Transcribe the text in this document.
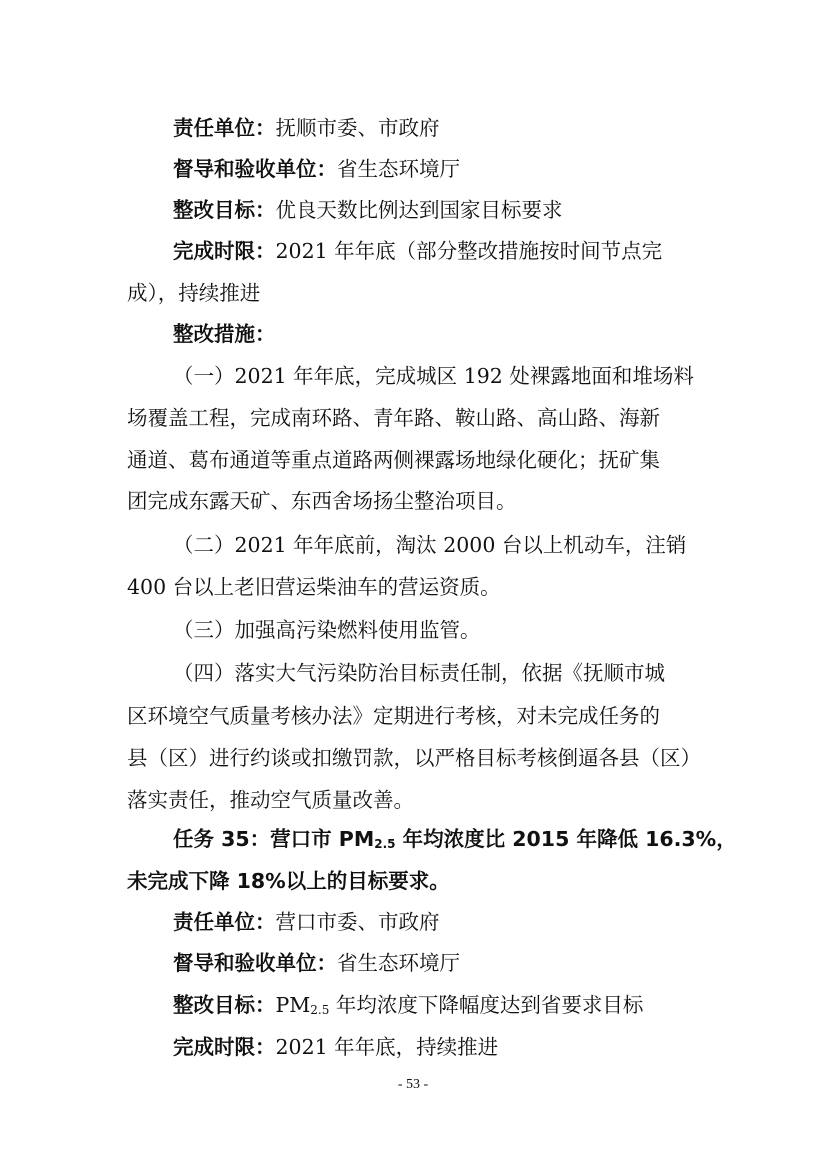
责任单位：抚顺市委、市政府
督导和验收单位：省生态环境厅
整改目标：优良天数比例达到国家目标要求
完成时限：2021 年年底（部分整改措施按时间节点完
成），持续推进
整改措施：
（一）2021 年年底，完成城区 192 处裸露地面和堆场料
场覆盖工程，完成南环路、青年路、鞍山路、高山路、海新
通道、葛布通道等重点道路两侧裸露场地绿化硬化；抚矿集
团完成东露天矿、东西舍场扬尘整治项目。
（二）2021 年年底前，淘汰 2000 台以上机动车，注销
400 台以上老旧营运柴油车的营运资质。
（三）加强高污染燃料使用监管。
（四）落实大气污染防治目标责任制，依据《抚顺市城
区环境空气质量考核办法》定期进行考核，对未完成任务的
县（区）进行约谈或扣缴罚款，以严格目标考核倒逼各县（区）
落实责任，推动空气质量改善。
任务 35：营口市 $PM_{2.5}$ 年均浓度比 2015 年降低 16.3%，
未完成下降 18%以上的目标要求。
责任单位：营口市委、市政府
督导和验收单位：省生态环境厅
整改目标：$PM_{2.5}$ 年均浓度下降幅度达到省要求目标
完成时限：2021 年年底，持续推进
- 53 -
